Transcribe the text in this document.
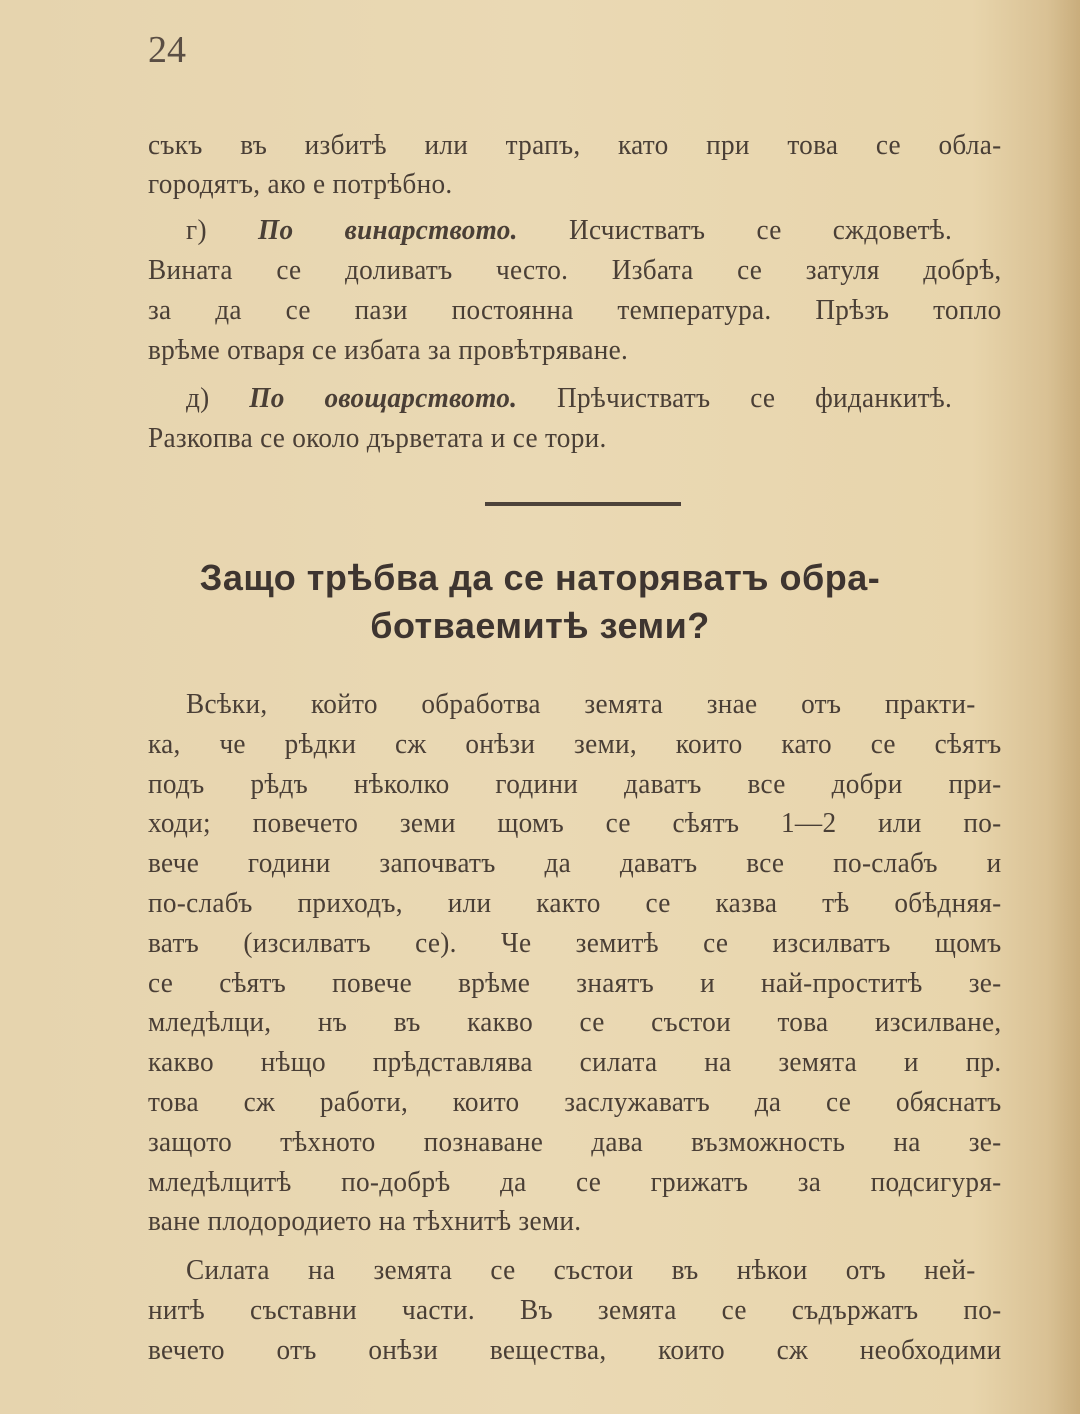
24
съкъ въ избитѣ или трапъ, като при това се обла-
городятъ, ако е потрѣбно.
г) По винарството. Исчистватъ се сждоветѣ.
Вината се доливатъ често. Избата се затуля добрѣ,
за да се пази постоянна температура. Прѣзъ топло
врѣме отваря се избата за провѣтряване.
д) По овощарството. Прѣчистватъ се фиданкитѣ.
Разкопва се около дърветата и се тори.
Защо трѣбва да се наторяватъ обра-
ботваемитѣ земи?
Всѣки, който обработва земята знае отъ практи-
ка, че рѣдки сж онѣзи земи, които като се сѣятъ
подъ рѣдъ нѣколко години даватъ все добри при-
ходи; повечето земи щомъ се сѣятъ 1—2 или по-
вече години започватъ да даватъ все по-слабъ и
по-слабъ приходъ, или както се казва тѣ обѣдняя-
ватъ (изсилватъ се). Че земитѣ се изсилватъ щомъ
се сѣятъ повече врѣме знаятъ и най-проститѣ зе-
мледѣлци, нъ въ какво се състои това изсилване,
какво нѣщо прѣдставлява силата на земята и пр.
това сж работи, които заслужаватъ да се обяснатъ
защото тѣхното познаване дава възможность на зе-
мледѣлцитѣ по-добрѣ да се грижатъ за подсигуря-
ване плодородието на тѣхнитѣ земи.
Силата на земята се състои въ нѣкои отъ ней-
нитѣ съставни части. Въ земята се съдържатъ по-
вечето отъ онѣзи вещества, които сж необходими
